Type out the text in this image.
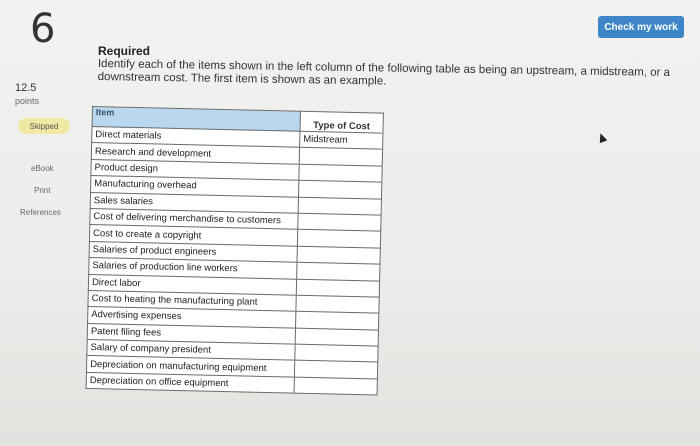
6	Check my work
12.5
points
Skipped
eBook
Print
References
Required
Identify each of the items shown in the left column of the following table as being an upstream, a midstream, or a downstream cost. The first item is shown as an example.
Item	Type of Cost
Direct materials	Midstream
Research and development	
Product design	
Manufacturing overhead	
Sales salaries	
Cost of delivering merchandise to customers	
Cost to create a copyright	
Salaries of product engineers	
Salaries of production line workers	
Direct labor	
Cost to heating the manufacturing plant	
Advertising expenses	
Patent filing fees	
Salary of company president	
Depreciation on manufacturing equipment	
Depreciation on office equipment	
